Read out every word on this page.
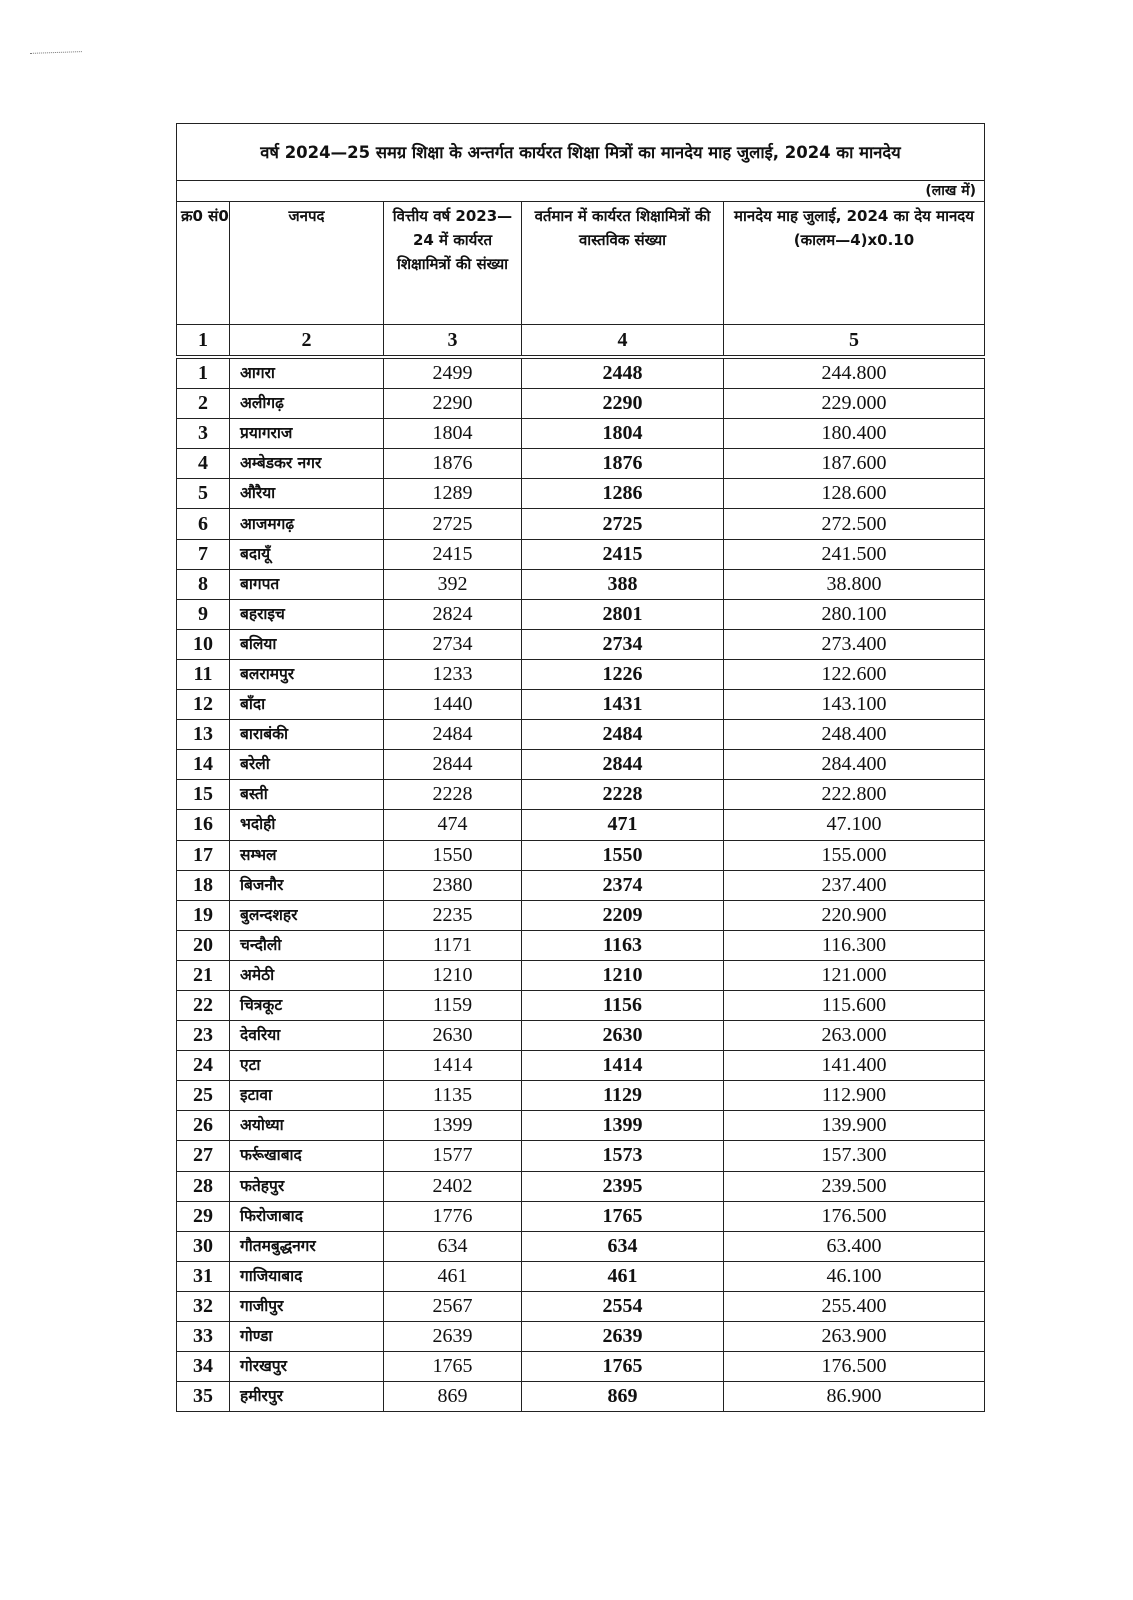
वर्ष 2024—25 समग्र शिक्षा के अन्तर्गत कार्यरत शिक्षा मित्रों का मानदेय माह जुलाई, 2024 का मानदेय				
(लाख में)				
क्र0 सं0	जनपद	वित्तीय वर्ष 2023—24 में कार्यरत शिक्षामित्रों की संख्या	वर्तमान में कार्यरत शिक्षामित्रों की वास्तविक संख्या	मानदेय माह जुलाई, 2024 का देय मानदय (कालम—4)x0.10
1	2	3	4	5
1	आगरा	2499	2448	244.800
2	अलीगढ़	2290	2290	229.000
3	प्रयागराज	1804	1804	180.400
4	अम्बेडकर नगर	1876	1876	187.600
5	औरैया	1289	1286	128.600
6	आजमगढ़	2725	2725	272.500
7	बदायूँ	2415	2415	241.500
8	बागपत	392	388	38.800
9	बहराइच	2824	2801	280.100
10	बलिया	2734	2734	273.400
11	बलरामपुर	1233	1226	122.600
12	बाँदा	1440	1431	143.100
13	बाराबंकी	2484	2484	248.400
14	बरेली	2844	2844	284.400
15	बस्ती	2228	2228	222.800
16	भदोही	474	471	47.100
17	सम्भल	1550	1550	155.000
18	बिजनौर	2380	2374	237.400
19	बुलन्दशहर	2235	2209	220.900
20	चन्दौली	1171	1163	116.300
21	अमेठी	1210	1210	121.000
22	चित्रकूट	1159	1156	115.600
23	देवरिया	2630	2630	263.000
24	एटा	1414	1414	141.400
25	इटावा	1135	1129	112.900
26	अयोध्या	1399	1399	139.900
27	फर्रूखाबाद	1577	1573	157.300
28	फतेहपुर	2402	2395	239.500
29	फिरोजाबाद	1776	1765	176.500
30	गौतमबुद्धनगर	634	634	63.400
31	गाजियाबाद	461	461	46.100
32	गाजीपुर	2567	2554	255.400
33	गोण्डा	2639	2639	263.900
34	गोरखपुर	1765	1765	176.500
35	हमीरपुर	869	869	86.900
